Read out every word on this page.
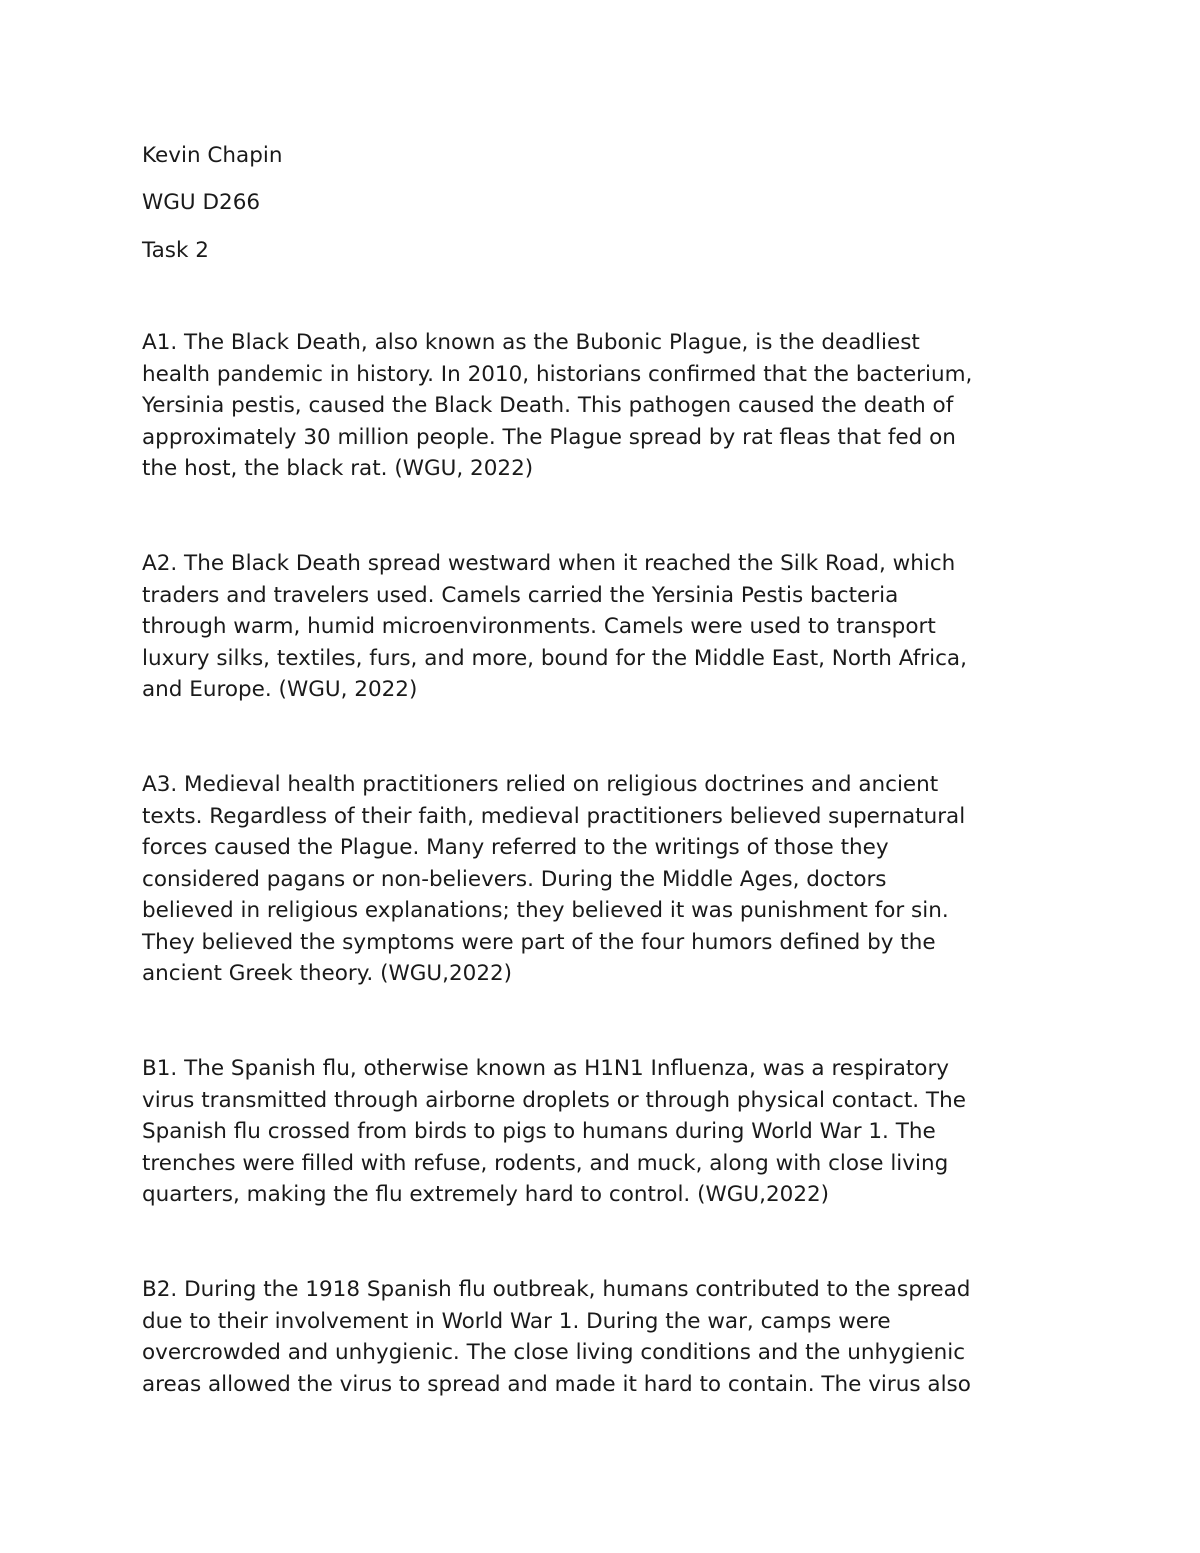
Kevin Chapin
WGU D266
Task 2
A1. The Black Death, also known as the Bubonic Plague, is the deadliest
health pandemic in history. In 2010, historians confirmed that the bacterium,
Yersinia pestis, caused the Black Death. This pathogen caused the death of
approximately 30 million people. The Plague spread by rat fleas that fed on
the host, the black rat. (WGU, 2022)
A2. The Black Death spread westward when it reached the Silk Road, which
traders and travelers used. Camels carried the Yersinia Pestis bacteria
through warm, humid microenvironments. Camels were used to transport
luxury silks, textiles, furs, and more, bound for the Middle East, North Africa,
and Europe. (WGU, 2022)
A3. Medieval health practitioners relied on religious doctrines and ancient
texts. Regardless of their faith, medieval practitioners believed supernatural
forces caused the Plague. Many referred to the writings of those they
considered pagans or non-believers. During the Middle Ages, doctors
believed in religious explanations; they believed it was punishment for sin.
They believed the symptoms were part of the four humors defined by the
ancient Greek theory. (WGU,2022)
B1. The Spanish flu, otherwise known as H1N1 Influenza, was a respiratory
virus transmitted through airborne droplets or through physical contact. The
Spanish flu crossed from birds to pigs to humans during World War 1. The
trenches were filled with refuse, rodents, and muck, along with close living
quarters, making the flu extremely hard to control. (WGU,2022)
B2. During the 1918 Spanish flu outbreak, humans contributed to the spread
due to their involvement in World War 1. During the war, camps were
overcrowded and unhygienic. The close living conditions and the unhygienic
areas allowed the virus to spread and made it hard to contain. The virus also
